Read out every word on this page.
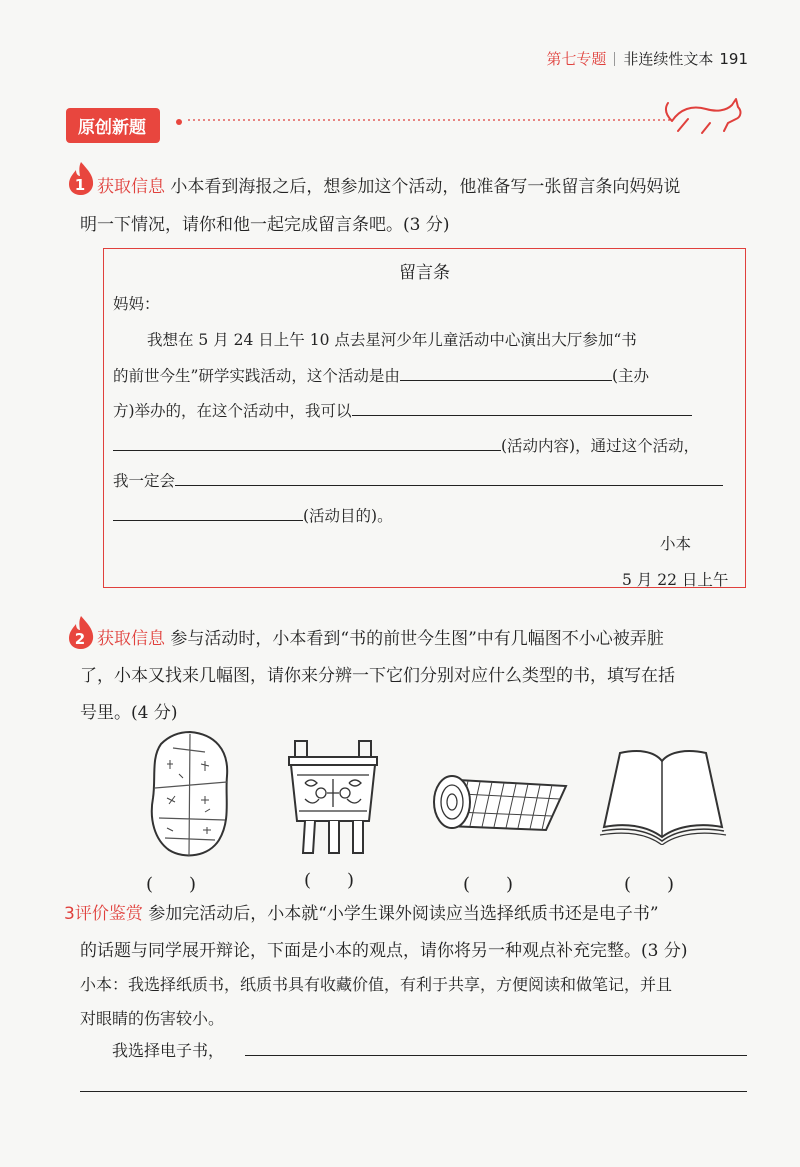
第七专题 非连续性文本 191
原创新题
1 获取信息 小本看到海报之后，想参加这个活动，他准备写一张留言条向妈妈说
明一下情况，请你和他一起完成留言条吧。(3 分)
留言条
妈妈：
我想在 5 月 24 日上午 10 点去星河少年儿童活动中心演出大厅参加“书
的前世今生”研学实践活动，这个活动是由	(主办
方)举办的，在这个活动中，我可以
(活动内容)，通过这个活动，
我一定会
(活动目的)。
小本
5 月 22 日上午
2 获取信息 参与活动时，小本看到“书的前世今生图”中有几幅图不小心被弄脏
了，小本又找来几幅图，请你来分辨一下它们分别对应什么类型的书，填写在括
号里。(4 分)
(　　)	(　　)	(　　)	(　　)
3评价鉴赏 参加完活动后，小本就“小学生课外阅读应当选择纸质书还是电子书”
的话题与同学展开辩论，下面是小本的观点，请你将另一种观点补充完整。(3 分)
小本：我选择纸质书，纸质书具有收藏价值，有利于共享，方便阅读和做笔记，并且
对眼睛的伤害较小。
我选择电子书，
